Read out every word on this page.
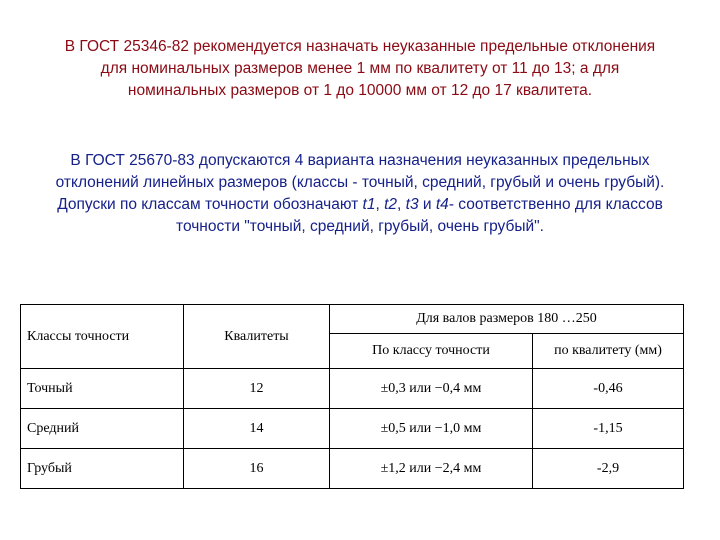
В ГОСТ 25346-82 рекомендуется назначать неуказанные предельные отклонения
для номинальных размеров менее 1 мм по квалитету от 11 до 13; а для
номинальных размеров от 1 до 10000 мм от 12 до 17 квалитета.
В ГОСТ 25670-83 допускаются 4 варианта назначения неуказанных предельных
отклонений линейных размеров (классы - точный, средний, грубый и очень грубый).
Допуски по классам точности обозначают t1, t2, t3 и t4- соответственно для классов
точности "точный, средний, грубый, очень грубый".
Классы точности	Квалитеты	Для валов размеров 180 …250	
		По классу точности	по квалитету (мм)
Точный	12	±0,3 или −0,4 мм	-0,46
Средний	14	±0,5 или −1,0 мм	-1,15
Грубый	16	±1,2 или −2,4 мм	-2,9
